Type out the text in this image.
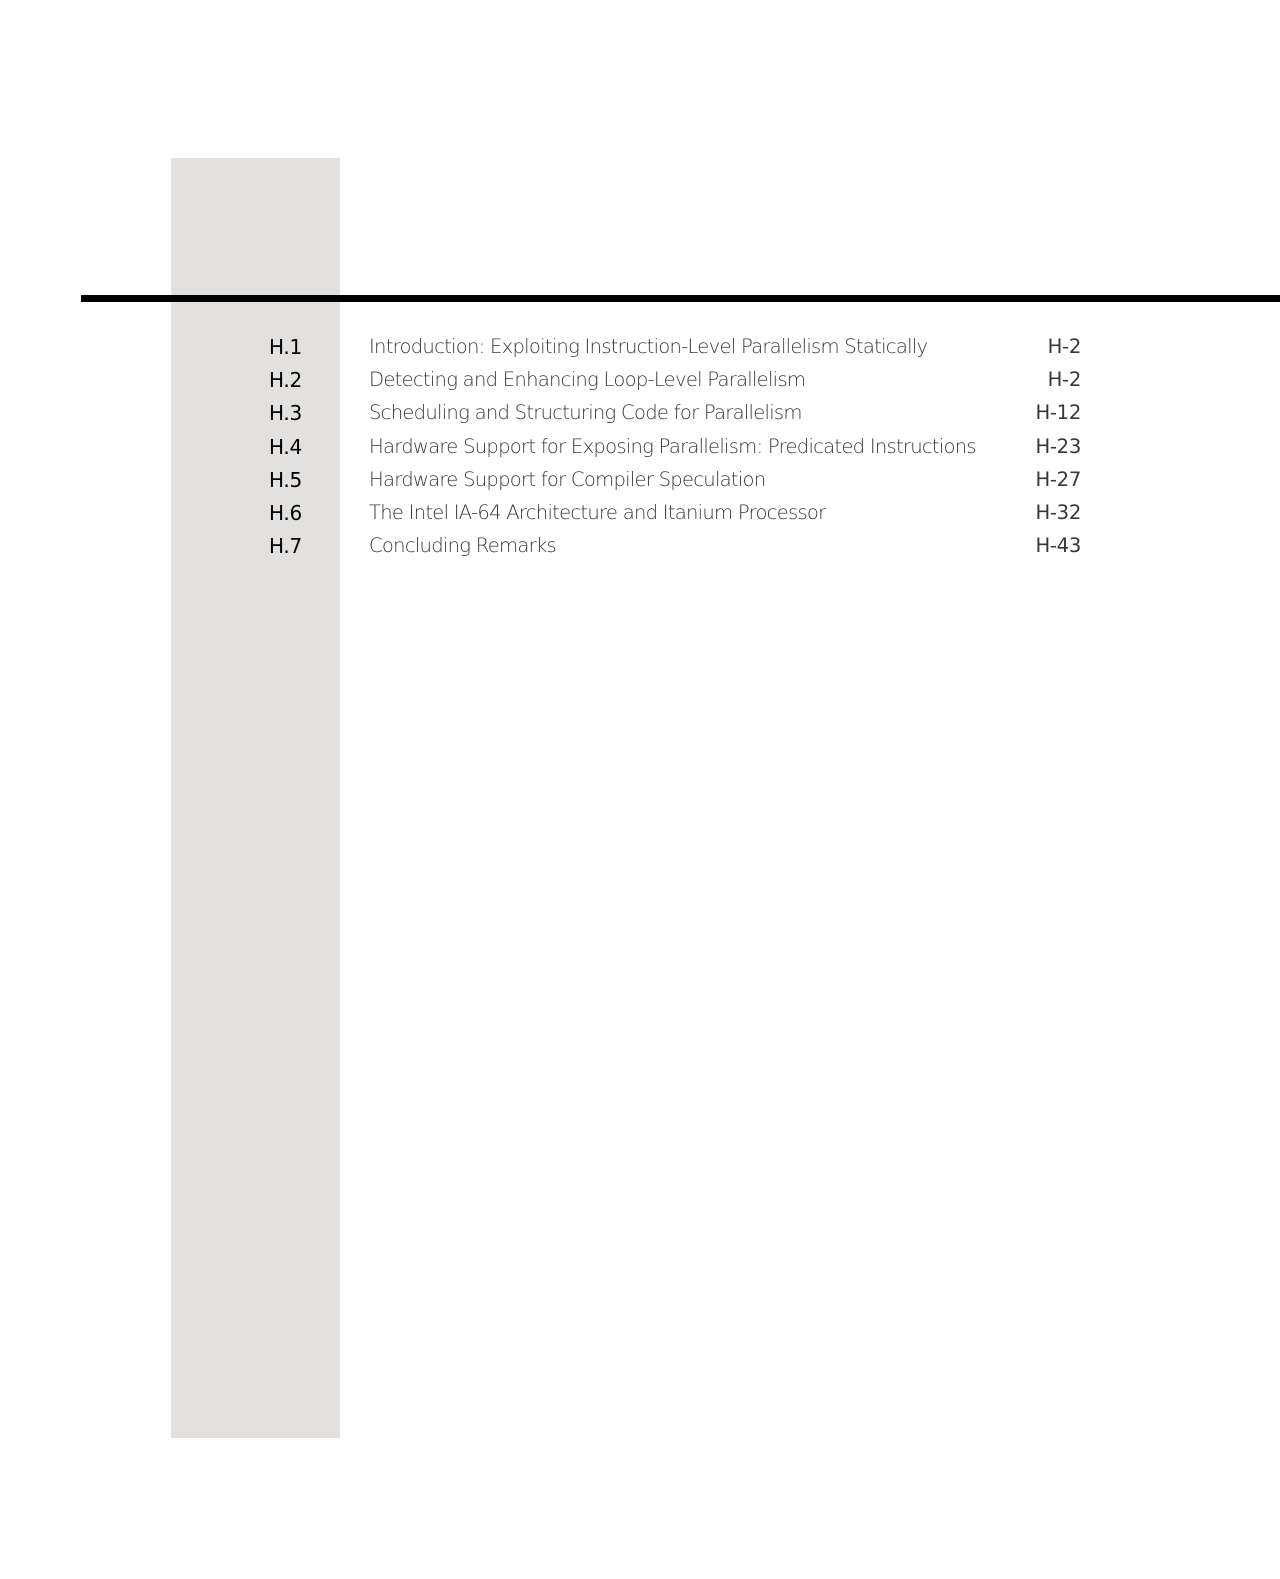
H.1	Introduction: Exploiting Instruction-Level Parallelism Statically	H-2
H.2	Detecting and Enhancing Loop-Level Parallelism	H-2
H.3	Scheduling and Structuring Code for Parallelism	H-12
H.4	Hardware Support for Exposing Parallelism: Predicated Instructions	H-23
H.5	Hardware Support for Compiler Speculation	H-27
H.6	The Intel IA-64 Architecture and Itanium Processor	H-32
H.7	Concluding Remarks	H-43
